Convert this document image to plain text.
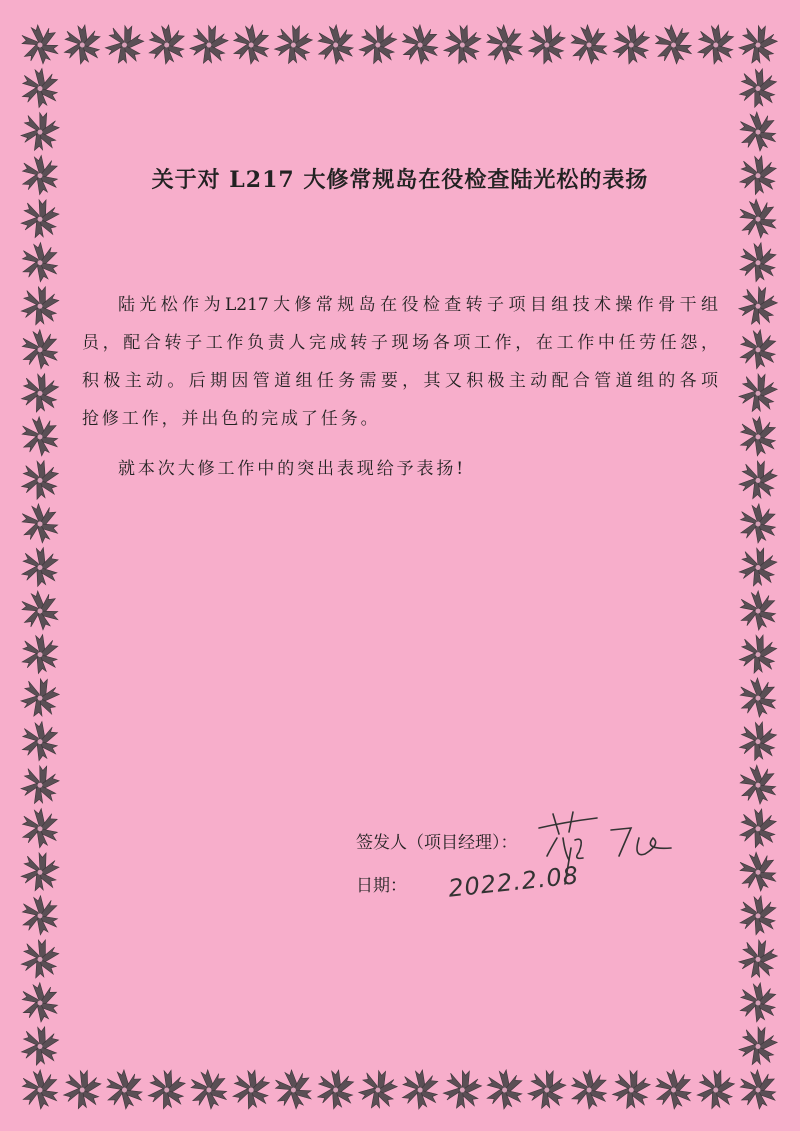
关于对 L217 大修常规岛在役检查陆光松的表扬
陆光松作为L217大修常规岛在役检查转子项目组技术操作骨干组
员，配合转子工作负责人完成转子现场各项工作，在工作中任劳任怨，
积极主动。后期因管道组任务需要，其又积极主动配合管道组的各项
抢修工作，并出色的完成了任务。
就本次大修工作中的突出表现给予表扬!
签发人（项目经理）：
日期： 2022.2.08
